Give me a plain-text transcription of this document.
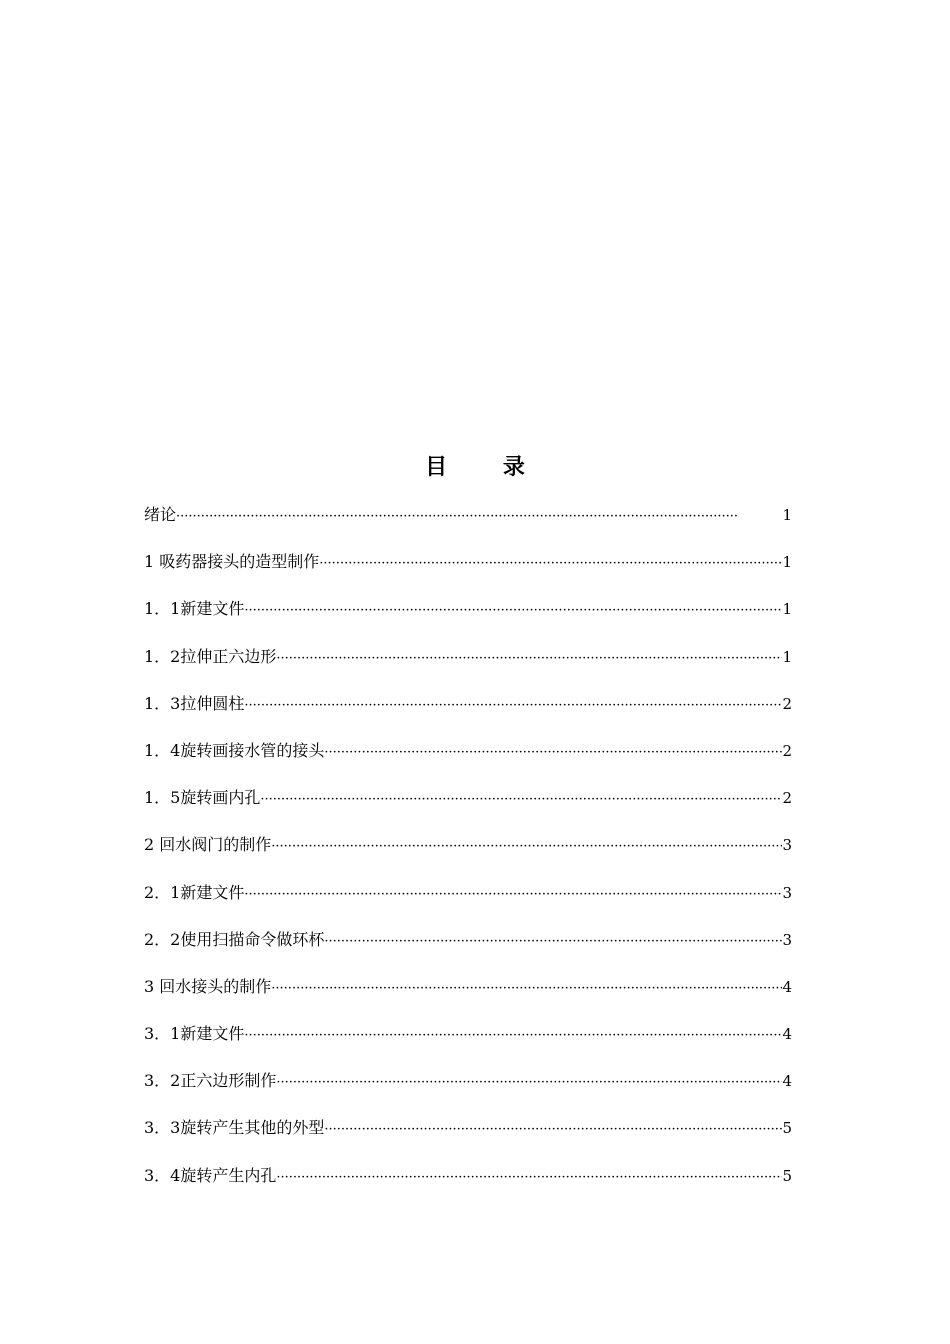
目	录
绪论 ·····	1
1 吸药器接头的造型制作 ·····	1
1．1新建文件 ·····	1
1．2拉伸正六边形 ·····	1
1．3拉伸圆柱 ·····	2
1．4旋转画接水管的接头 ·····	2
1．5旋转画内孔 ·····	2
2 回水阀门的制作 ·····	3
2．1新建文件 ·····	3
2．2使用扫描命令做环杯 ·····	3
3 回水接头的制作 ·····	4
3．1新建文件 ·····	4
3．2正六边形制作 ·····	4
3．3旋转产生其他的外型 ·····	5
3．4旋转产生内孔 ·····	5
